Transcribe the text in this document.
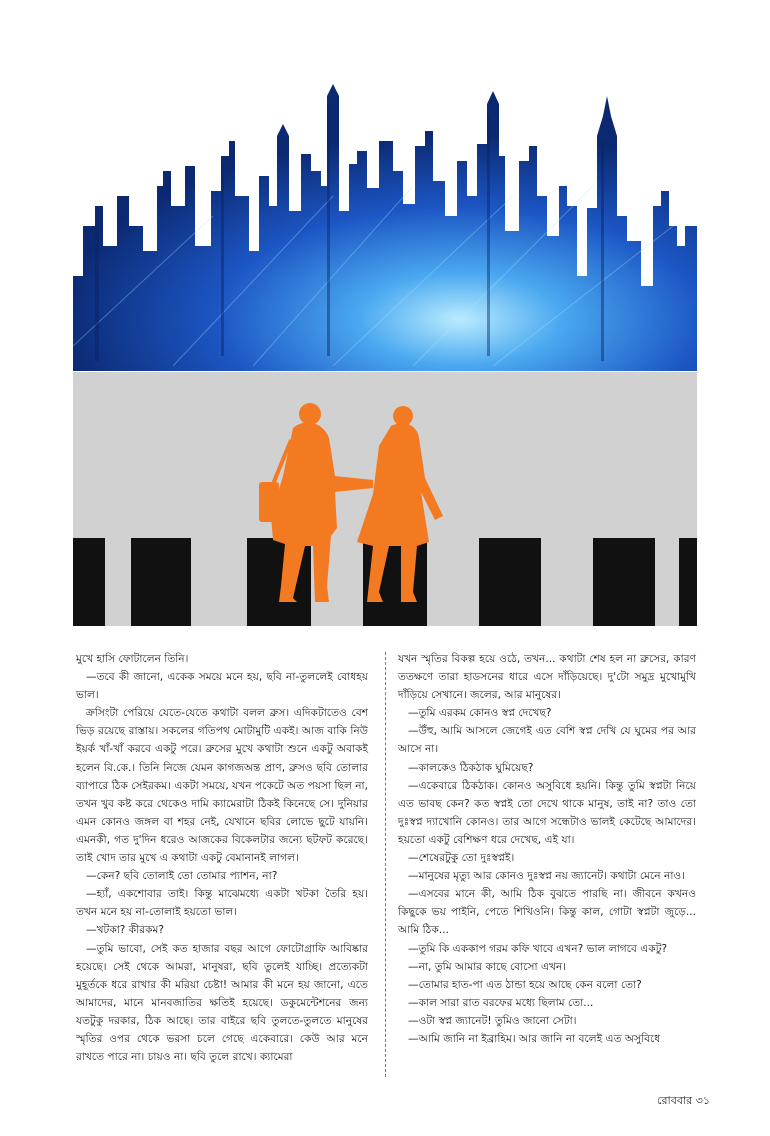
মুখে হাসি ফোটালেন তিনি।

—তবে কী জানো, একেক সময়ে মনে হয়, ছবি না-তুললেই বোধহয় ভাল।

ক্রসিংটা পেরিয়ে যেতে-যেতে কথাটা বলল ব্রুস। এদিকটাতেও বেশ ভিড় রয়েছে রাস্তায়। সকলের গতিপথ মোটামুটি একই। আজ বাকি নিউ ইয়র্ক খাঁ-খাঁ করবে একটু পরে। ব্রুসের মুখে কথাটা শুনে একটু অবাকই হলেন বি.কে.। তিনি নিজে যেমন কাগজঅন্ত প্রাণ, ব্রুসও ছবি তোলার ব্যাপারে ঠিক সেইরকম। একটা সময়ে, যখন পকেটে অত পয়সা ছিল না, তখন খুব কষ্ট করে থেকেও দামি ক্যামেরাটা ঠিকই কিনেছে সে। দুনিয়ার এমন কোনও জঙ্গল বা শহর নেই, যেখানে ছবির লোভে ছুটে যায়নি। এমনকী, গত দু'দিন ধরেও আজকের বিকেলটার জন্যে ছটফট করেছে। তাই খোদ তার মুখে এ কথাটা একটু বেমানানই লাগল।

—কেন? ছবি তোলাই তো তোমার প্যাশন, না?

—হ্যাঁ, একশোবার তাই। কিন্তু মাঝেমধ্যে একটা খটকা তৈরি হয়। তখন মনে হয় না-তোলাই হয়তো ভাল।

—খটকা? কীরকম?

—তুমি ভাবো, সেই কত হাজার বছর আগে ফোটোগ্রাফি আবিষ্কার হয়েছে। সেই থেকে আমরা, মানুষরা, ছবি তুলেই যাচ্ছি। প্রত্যেকটা মুহূর্তকে ধরে রাখার কী মরিয়া চেষ্টা! আমার কী মনে হয় জানো, এতে আমাদের, মানে মানবজাতির ক্ষতিই হয়েছে। ডকুমেন্টেশনের জন্য যতটুকু দরকার, ঠিক আছে। তার বাইরে ছবি তুলতে-তুলতে মানুষের স্মৃতির ওপর থেকে ভরসা চলে গেছে একেবারে। কেউ আর মনে রাখতে পারে না। চায়ও না। ছবি তুলে রাখে। ক্যামেরা

যখন স্মৃতির বিকল্প হয়ে ওঠে, তখন... কথাটা শেষ হল না ব্রুসের, কারণ ততক্ষণে তারা হাডসনের ধারে এসে দাঁড়িয়েছে। দু'টো সমুদ্র মুখোমুখি দাঁড়িয়ে সেখানে। জলের, আর মানুষের।

—তুমি এরকম কোনও স্বপ্ন দেখেছ?

—উঁহু, আমি আসলে জেগেই এত বেশি স্বপ্ন দেখি যে ঘুমের পর আর আসে না।

—কালকেও ঠিকঠাক ঘুমিয়েছ?

—একেবারে ঠিকঠাক। কোনও অসুবিধে হয়নি। কিন্তু তুমি স্বপ্নটা নিয়ে এত ভাবছ কেন? কত স্বপ্নই তো দেখে থাকে মানুষ, তাই না? তাও তো দুঃস্বপ্ন দ্যাখোনি কোনও। তার আগে সন্ধেটাও ভালই কেটেছে আমাদের। হয়তো একটু বেশিক্ষণ ধরে দেখেছ, এই যা।

—শেষেরটুকু তো দুঃস্বপ্নই।

—মানুষের মৃত্যু আর কোনও দুঃস্বপ্ন নয় জ্যানেট। কথাটা মেনে নাও।

—এসবের মানে কী, আমি ঠিক বুঝতে পারছি না। জীবনে কখনও কিছুকে ভয় পাইনি, পেতে শিখিওনি। কিন্তু কাল, গোটা স্বপ্নটা জুড়ে... আমি ঠিক...

—তুমি কি এককাপ গরম কফি খাবে এখন? ভাল লাগবে একটু?

—না, তুমি আমার কাছে বোসো এখন।

—তোমার হাত-পা এত ঠান্ডা হয়ে আছে কেন বলো তো?

—কাল সারা রাত বরফের মধ্যে ছিলাম তো...

—ওটা স্বপ্ন জ্যানেট! তুমিও জানো সেটা।

—আমি জানি না ইব্রাহিম। আর জানি না বলেই এত অসুবিধে

রোববার ৩১
